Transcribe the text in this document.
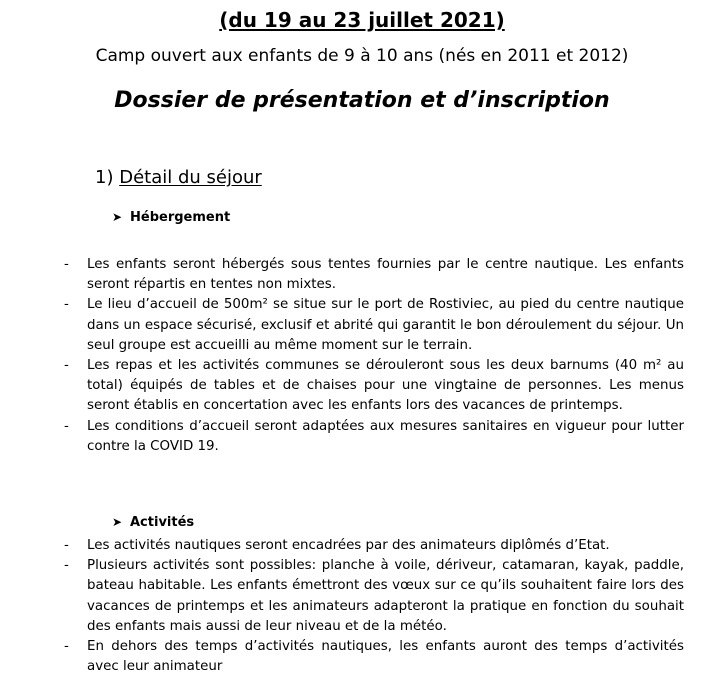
(du 19 au 23 juillet 2021)
Camp ouvert aux enfants de 9 à 10 ans (nés en 2011 et 2012)
Dossier de présentation et d’inscription
1) Détail du séjour
➤ Hébergement
- Les enfants seront hébergés sous tentes fournies par le centre nautique. Les enfants seront répartis en tentes non mixtes.
- Le lieu d’accueil de 500m² se situe sur le port de Rostiviec, au pied du centre nautique dans un espace sécurisé, exclusif et abrité qui garantit le bon déroulement du séjour. Un seul groupe est accueilli au même moment sur le terrain.
- Les repas et les activités communes se dérouleront sous les deux barnums (40 m² au total) équipés de tables et de chaises pour une vingtaine de personnes. Les menus seront établis en concertation avec les enfants lors des vacances de printemps.
- Les conditions d’accueil seront adaptées aux mesures sanitaires en vigueur pour lutter contre la COVID 19.
➤ Activités
- Les activités nautiques seront encadrées par des animateurs diplômés d’Etat.
- Plusieurs activités sont possibles: planche à voile, dériveur, catamaran, kayak, paddle, bateau habitable. Les enfants émettront des vœux sur ce qu’ils souhaitent faire lors des vacances de printemps et les animateurs adapteront la pratique en fonction du souhait des enfants mais aussi de leur niveau et de la météo.
- En dehors des temps d’activités nautiques, les enfants auront des temps d’activités avec leur animateur
